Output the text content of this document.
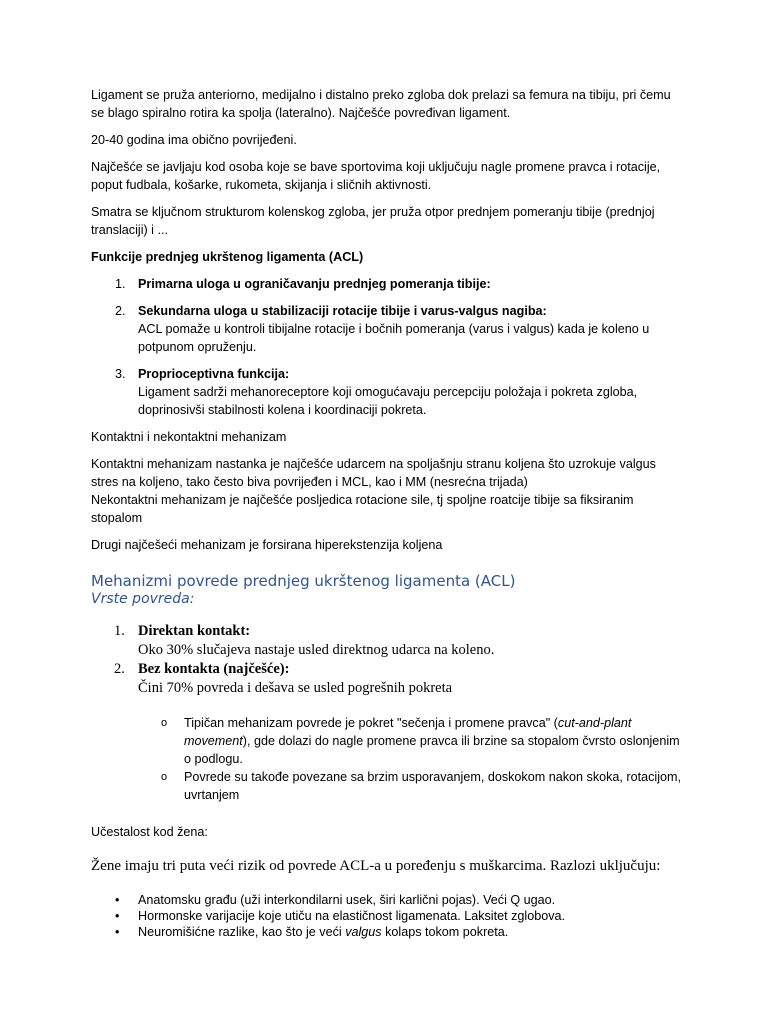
Ligament se pruža anteriorno, medijalno i distalno preko zgloba dok prelazi sa femura na tibiju, pri čemu se blago spiralno rotira ka spolja (lateralno). Najčešće povređivan ligament.

20-40 godina ima obično povrijeđeni.

Najčešće se javljaju kod osoba koje se bave sportovima koji uključuju nagle promene pravca i rotacije, poput fudbala, košarke, rukometa, skijanja i sličnih aktivnosti.

Smatra se ključnom strukturom kolenskog zgloba, jer pruža otpor prednjem pomeranju tibije (prednjoj translaciji) i ...

Funkcije prednjeg ukrštenog ligamenta (ACL)

1. Primarna uloga u ograničavanju prednjeg pomeranja tibije:
2. Sekundarna uloga u stabilizaciji rotacije tibije i varus-valgus nagiba:
ACL pomaže u kontroli tibijalne rotacije i bočnih pomeranja (varus i valgus) kada je koleno u potpunom opruženju.
3. Proprioceptivna funkcija:
Ligament sadrži mehanoreceptore koji omogućavaju percepciju položaja i pokreta zgloba, doprinosivši stabilnosti kolena i koordinaciji pokreta.

Kontaktni i nekontaktni mehanizam

Kontaktni mehanizam nastanka je najčešće udarcem na spoljašnju stranu koljena što uzrokuje valgus stres na koljeno, tako često biva povrijeđen i MCL, kao i MM (nesrećna trijada)
Nekontaktni mehanizam je najčešće posljedica rotacione sile, tj spoljne roatcije tibije sa fiksiranim stopalom

Drugi najčešeći mehanizam je forsirana hiperekstenzija koljena

Mehanizmi povrede prednjeg ukrštenog ligamenta (ACL)
Vrste povreda:
1. Direktan kontakt:
Oko 30% slučajeva nastaje usled direktnog udarca na koleno.
2. Bez kontakta (najčešće):
Čini 70% povreda i dešava se usled pogrešnih pokreta
o Tipičan mehanizam povrede je pokret "sečenja i promene pravca" (cut-and-plant movement), gde dolazi do nagle promene pravca ili brzine sa stopalom čvrsto oslonjenim o podlogu.
o Povrede su takođe povezane sa brzim usporavanjem, doskokom nakon skoka, rotacijom, uvrtanjem

Učestalost kod žena:

Žene imaju tri puta veći rizik od povrede ACL-a u poređenju s muškarcima. Razlozi uključuju:

• Anatomsku građu (uži interkondilarni usek, širi karlični pojas). Veći Q ugao.
• Hormonske varijacije koje utiču na elastičnost ligamenata. Laksitet zglobova.
• Neuromišićne razlike, kao što je veći valgus kolaps tokom pokreta.
